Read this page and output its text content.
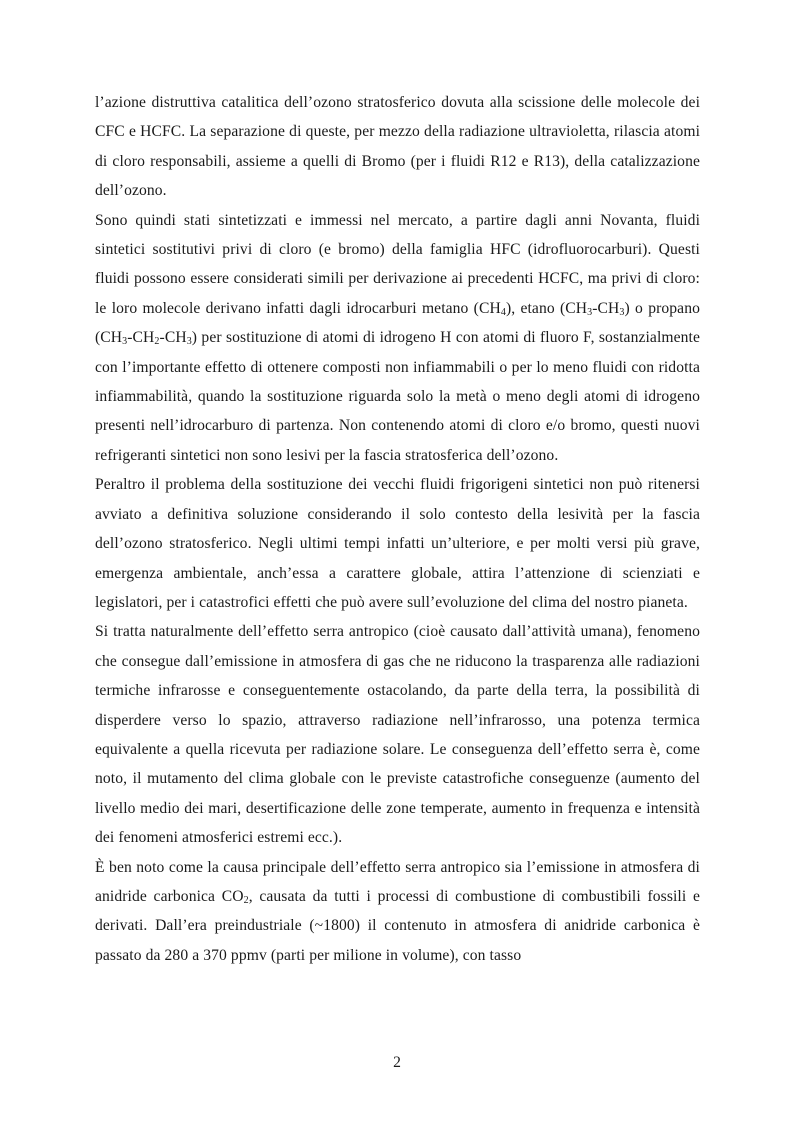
l’azione distruttiva catalitica dell’ozono stratosferico dovuta alla scissione delle molecole dei CFC e HCFC. La separazione di queste, per mezzo della radiazione ultravioletta, rilascia atomi di cloro responsabili, assieme a quelli di Bromo (per i fluidi R12 e R13), della catalizzazione dell’ozono.

Sono quindi stati sintetizzati e immessi nel mercato, a partire dagli anni Novanta, fluidi sintetici sostitutivi privi di cloro (e bromo) della famiglia HFC (idrofluorocarburi). Questi fluidi possono essere considerati simili per derivazione ai precedenti HCFC, ma privi di cloro: le loro molecole derivano infatti dagli idrocarburi metano $(CH_4)$, etano $(CH_3-CH_3)$ o propano $(CH_3-CH_2-CH_3)$ per sostituzione di atomi di idrogeno H con atomi di fluoro F, sostanzialmente con l’importante effetto di ottenere composti non infiammabili o per lo meno fluidi con ridotta infiammabilità, quando la sostituzione riguarda solo la metà o meno degli atomi di idrogeno presenti nell’idrocarburo di partenza. Non contenendo atomi di cloro e/o bromo, questi nuovi refrigeranti sintetici non sono lesivi per la fascia stratosferica dell’ozono.

Peraltro il problema della sostituzione dei vecchi fluidi frigorigeni sintetici non può ritenersi avviato a definitiva soluzione considerando il solo contesto della lesività per la fascia dell’ozono stratosferico. Negli ultimi tempi infatti un’ulteriore, e per molti versi più grave, emergenza ambientale, anch’essa a carattere globale, attira l’attenzione di scienziati e legislatori, per i catastrofici effetti che può avere sull’evoluzione del clima del nostro pianeta.

Si tratta naturalmente dell’effetto serra antropico (cioè causato dall’attività umana), fenomeno che consegue dall’emissione in atmosfera di gas che ne riducono la trasparenza alle radiazioni termiche infrarosse e conseguentemente ostacolando, da parte della terra, la possibilità di disperdere verso lo spazio, attraverso radiazione nell’infrarosso, una potenza termica equivalente a quella ricevuta per radiazione solare. Le conseguenza dell’effetto serra è, come noto, il mutamento del clima globale con le previste catastrofiche conseguenze (aumento del livello medio dei mari, desertificazione delle zone temperate, aumento in frequenza e intensità dei fenomeni atmosferici estremi ecc.).

È ben noto come la causa principale dell’effetto serra antropico sia l’emissione in atmosfera di anidride carbonica $CO_2$, causata da tutti i processi di combustione di combustibili fossili e derivati. Dall’era preindustriale (~1800) il contenuto in atmosfera di anidride carbonica è passato da 280 a 370 ppmv (parti per milione in volume), con tasso

2
